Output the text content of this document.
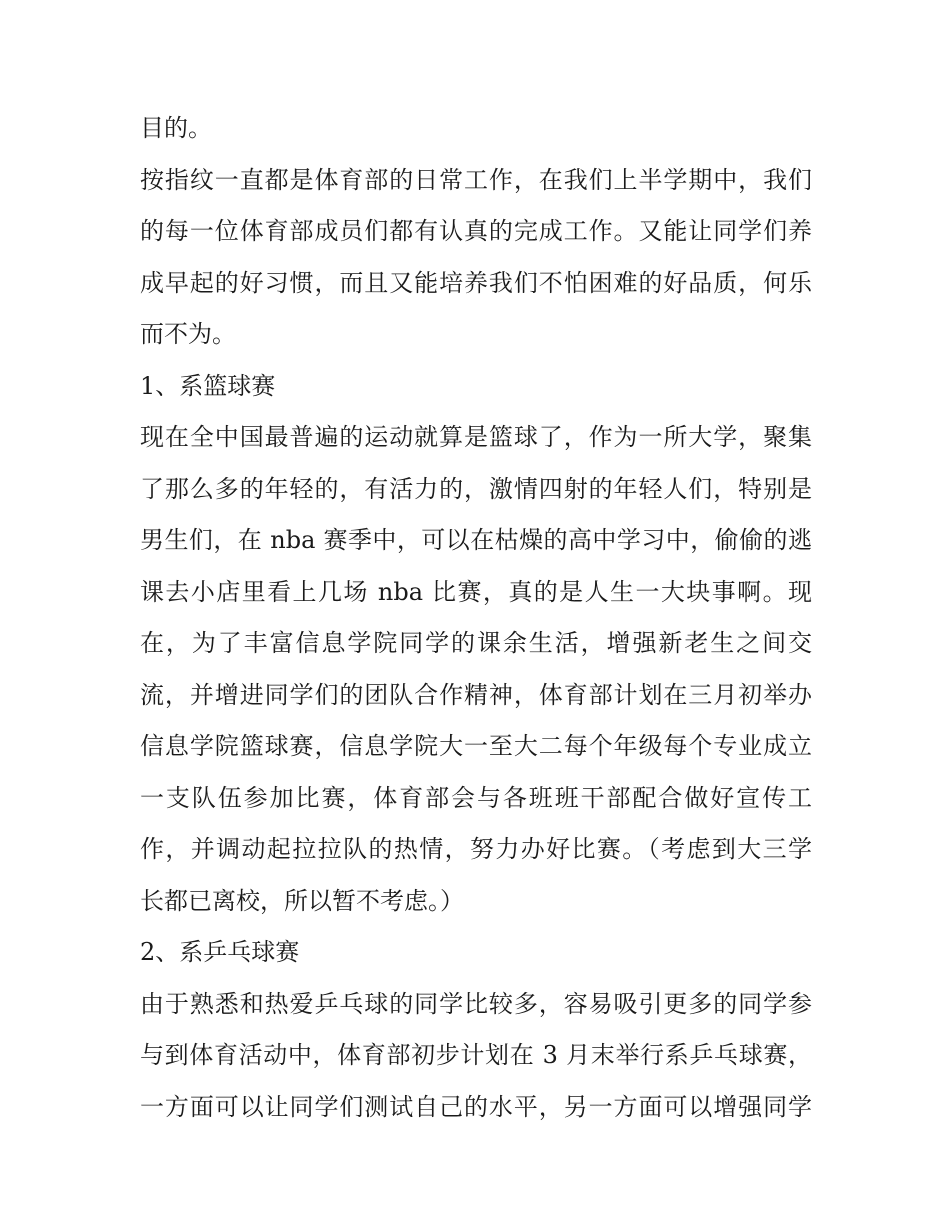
目的。
按指纹一直都是体育部的日常工作，在我们上半学期中，我们
的每一位体育部成员们都有认真的完成工作。又能让同学们养
成早起的好习惯，而且又能培养我们不怕困难的好品质，何乐
而不为。
1、系篮球赛
现在全中国最普遍的运动就算是篮球了，作为一所大学，聚集
了那么多的年轻的，有活力的，激情四射的年轻人们，特别是
男生们，在 nba 赛季中，可以在枯燥的高中学习中，偷偷的逃
课去小店里看上几场 nba 比赛，真的是人生一大块事啊。现
在，为了丰富信息学院同学的课余生活，增强新老生之间交
流，并增进同学们的团队合作精神，体育部计划在三月初举办
信息学院篮球赛，信息学院大一至大二每个年级每个专业成立
一支队伍参加比赛，体育部会与各班班干部配合做好宣传工
作，并调动起拉拉队的热情，努力办好比赛。（考虑到大三学
长都已离校，所以暂不考虑。）
2、系乒乓球赛
由于熟悉和热爱乒乓球的同学比较多，容易吸引更多的同学参
与到体育活动中，体育部初步计划在 3 月末举行系乒乓球赛，
一方面可以让同学们测试自己的水平，另一方面可以增强同学
